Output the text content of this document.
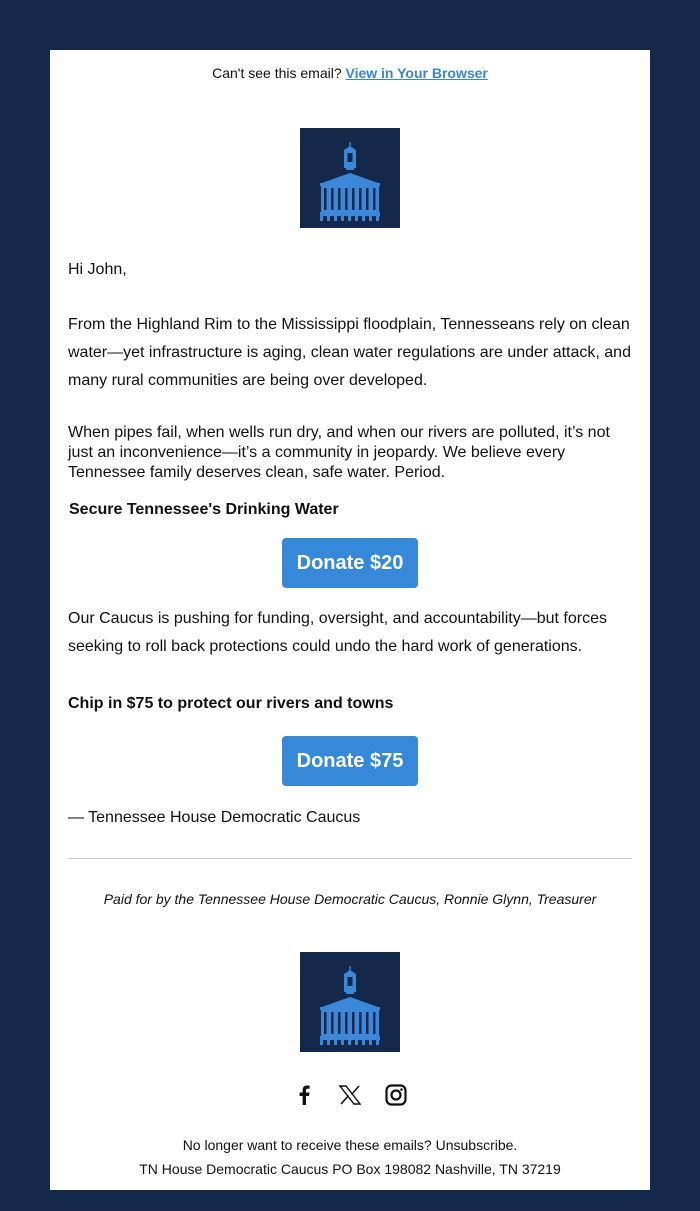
Can't see this email? View in Your Browser
Hi John,
From the Highland Rim to the Mississippi floodplain, Tennesseans rely on clean water—yet infrastructure is aging, clean water regulations are under attack, and many rural communities are being over developed.
When pipes fail, when wells run dry, and when our rivers are polluted, it’s not just an inconvenience—it’s a community in jeopardy. We believe every Tennessee family deserves clean, safe water. Period.
Secure Tennessee's Drinking Water
Donate $20
Our Caucus is pushing for funding, oversight, and accountability—but forces seeking to roll back protections could undo the hard work of generations.
Chip in $75 to protect our rivers and towns
Donate $75
— Tennessee House Democratic Caucus
Paid for by the Tennessee House Democratic Caucus, Ronnie Glynn, Treasurer
No longer want to receive these emails? Unsubscribe.
TN House Democratic Caucus PO Box 198082 Nashville, TN 37219
